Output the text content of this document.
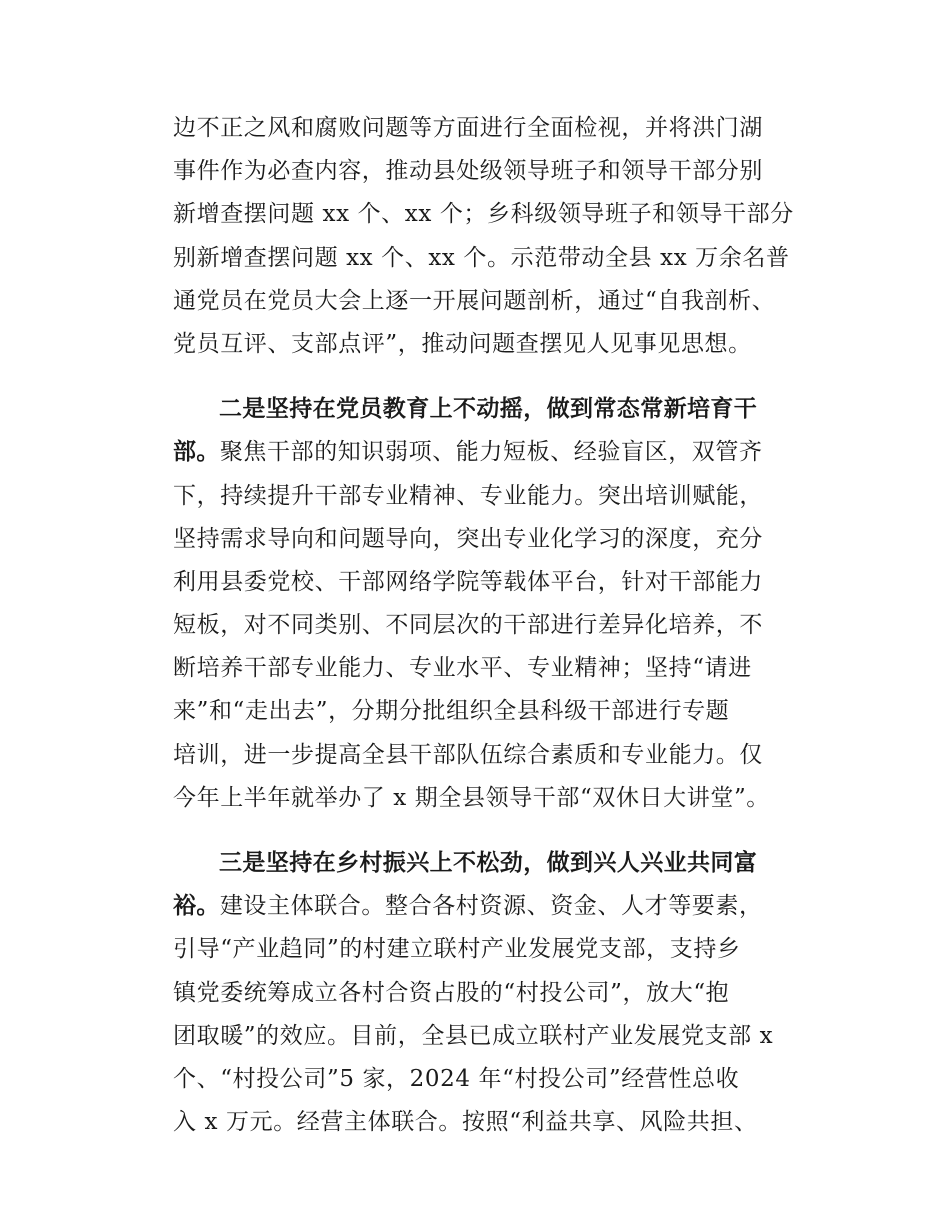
边不正之风和腐败问题等方面进行全面检视，并将洪门湖
事件作为必查内容，推动县处级领导班子和领导干部分别
新增查摆问题 xx 个、xx 个；乡科级领导班子和领导干部分
别新增查摆问题 xx 个、xx 个。示范带动全县 xx 万余名普
通党员在党员大会上逐一开展问题剖析，通过“自我剖析、
党员互评、支部点评”，推动问题查摆见人见事见思想。
二是坚持在党员教育上不动摇，做到常态常新培育干
部。聚焦干部的知识弱项、能力短板、经验盲区，双管齐
下，持续提升干部专业精神、专业能力。突出培训赋能，
坚持需求导向和问题导向，突出专业化学习的深度，充分
利用县委党校、干部网络学院等载体平台，针对干部能力
短板，对不同类别、不同层次的干部进行差异化培养，不
断培养干部专业能力、专业水平、专业精神；坚持“请进
来”和“走出去”，分期分批组织全县科级干部进行专题
培训，进一步提高全县干部队伍综合素质和专业能力。仅
今年上半年就举办了 x 期全县领导干部“双休日大讲堂”。
三是坚持在乡村振兴上不松劲，做到兴人兴业共同富
裕。建设主体联合。整合各村资源、资金、人才等要素，
引导“产业趋同”的村建立联村产业发展党支部，支持乡
镇党委统筹成立各村合资占股的“村投公司”，放大“抱
团取暖”的效应。目前，全县已成立联村产业发展党支部 x
个、“村投公司”5 家，2024 年“村投公司”经营性总收
入 x 万元。经营主体联合。按照“利益共享、风险共担、
